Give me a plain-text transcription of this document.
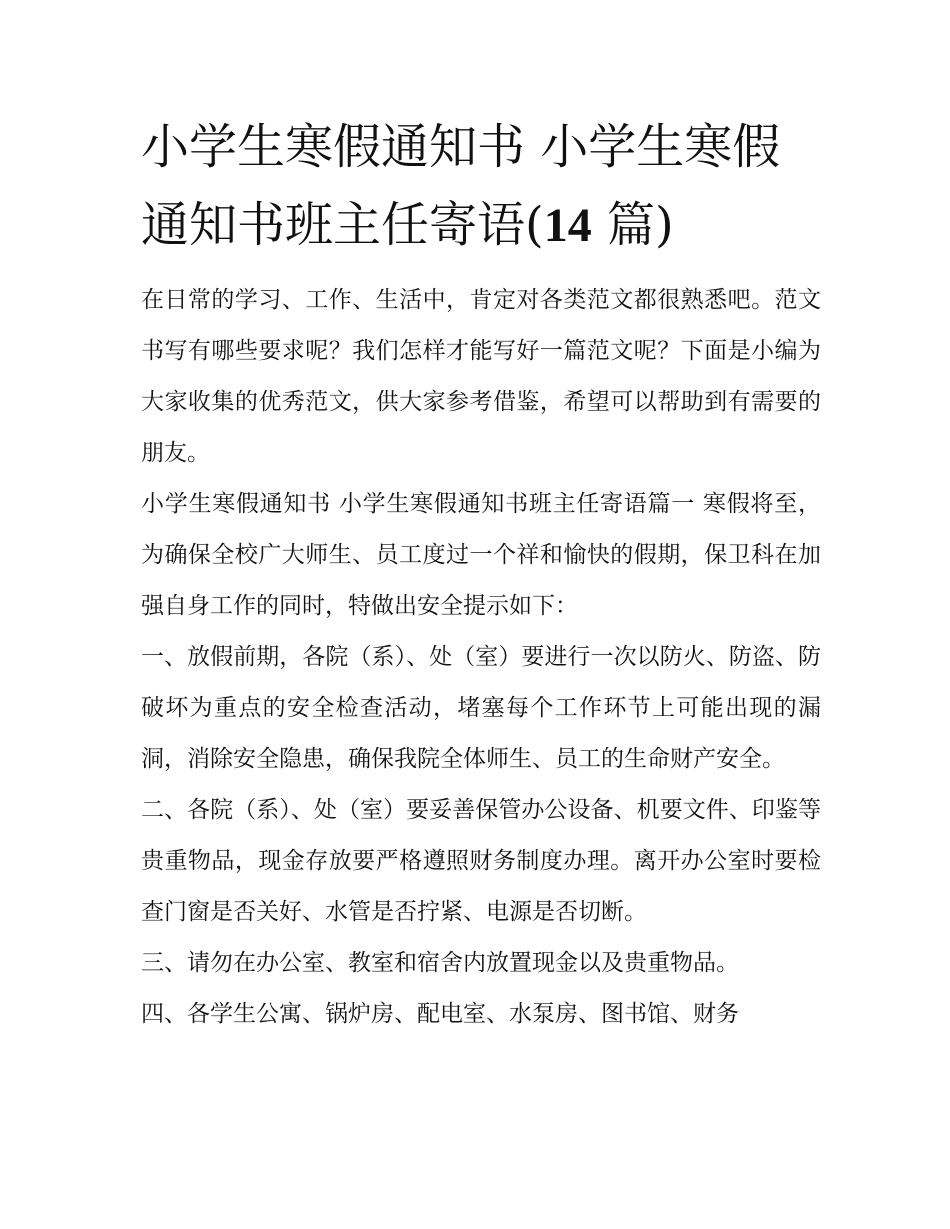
小学生寒假通知书 小学生寒假通知书班主任寄语(14 篇)

在日常的学习、工作、生活中，肯定对各类范文都很熟悉吧。范文书写有哪些要求呢？我们怎样才能写好一篇范文呢？下面是小编为大家收集的优秀范文，供大家参考借鉴，希望可以帮助到有需要的朋友。

小学生寒假通知书 小学生寒假通知书班主任寄语篇一 寒假将至，为确保全校广大师生、员工度过一个祥和愉快的假期，保卫科在加强自身工作的同时，特做出安全提示如下：

一、放假前期，各院（系）、处（室）要进行一次以防火、防盗、防破坏为重点的安全检查活动，堵塞每个工作环节上可能出现的漏洞，消除安全隐患，确保我院全体师生、员工的生命财产安全。

二、各院（系）、处（室）要妥善保管办公设备、机要文件、印鉴等贵重物品，现金存放要严格遵照财务制度办理。离开办公室时要检查门窗是否关好、水管是否拧紧、电源是否切断。

三、请勿在办公室、教室和宿舍内放置现金以及贵重物品。

四、各学生公寓、锅炉房、配电室、水泵房、图书馆、财务
